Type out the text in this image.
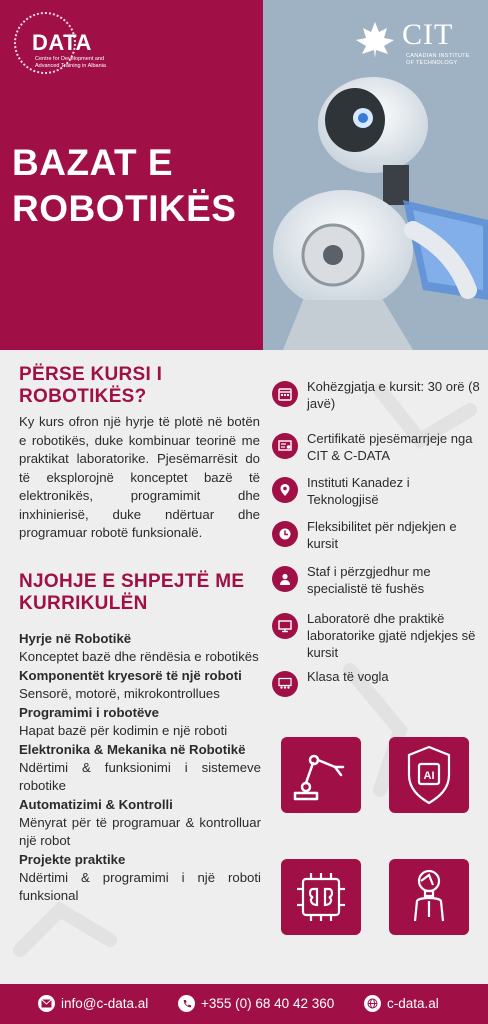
DATA
Centre for Development and Advanced Training in Albania
BAZAT E
ROBOTIKËS
CIT
CANADIAN INSTITUTE OF TECHNOLOGY
PËRSE KURSI I ROBOTIKËS?
Ky kurs ofron një hyrje të plotë në botën e robotikës, duke kombinuar teorinë me praktikat laboratorike. Pjesëmarrësit do të eksplorojnë konceptet bazë të elektronikës, programimit dhe inxhinierisë, duke ndërtuar dhe programuar robotë funksionalë.
NJOHJE E SHPEJTË ME KURRIKULËN
Hyrje në Robotikë
Konceptet bazë dhe rëndësia e robotikës
Komponentët kryesorë të një roboti
Sensorë, motorë, mikrokontrollues
Programimi i robotëve
Hapat bazë për kodimin e një roboti
Elektronika & Mekanika në Robotikë
Ndërtimi & funksionimi i sistemeve robotike
Automatizimi & Kontrolli
Mënyrat për të programuar & kontrolluar një robot
Projekte praktike
Ndërtimi & programimi i një roboti funksional
Kohëzgjatja e kursit: 30 orë (8 javë)
Certifikatë pjesëmarrjeje nga CIT & C-DATA
Instituti Kanadez i Teknologjisë
Fleksibilitet për ndjekjen e kursit
Staf i përzgjedhur me specialistë të fushës
Laboratorë dhe praktikë laboratorike gjatë ndjekjes së kursit
Klasa të vogla
AI
info@c-data.al	+355 (0) 68 40 42 360	c-data.al
